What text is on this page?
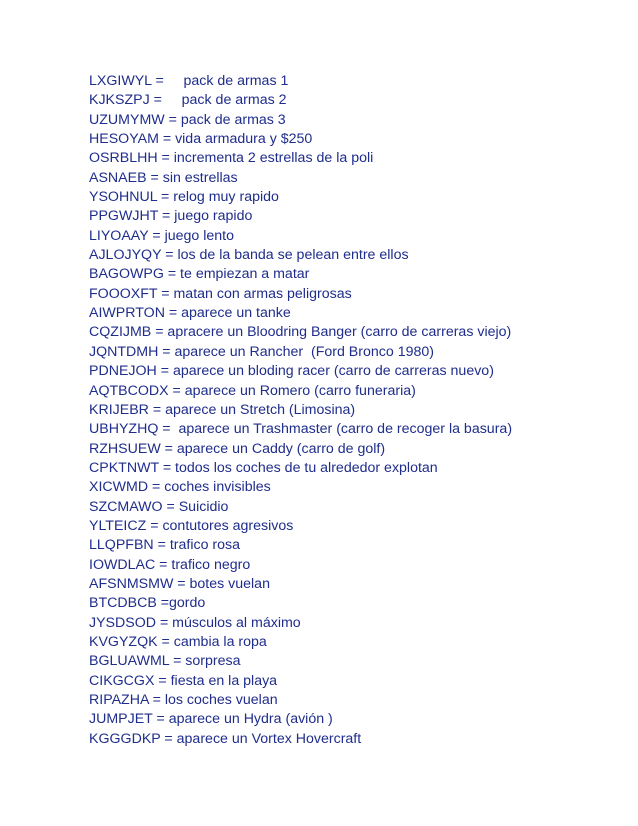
LXGIWYL =     pack de armas 1
KJKSZPJ =     pack de armas 2
UZUMYMW = pack de armas 3
HESOYAM = vida armadura y $250
OSRBLHH = incrementa 2 estrellas de la poli
ASNAEB = sin estrellas
YSOHNUL = relog muy rapido
PPGWJHT = juego rapido
LIYOAAY = juego lento
AJLOJYQY = los de la banda se pelean entre ellos
BAGOWPG = te empiezan a matar
FOOOXFT = matan con armas peligrosas
AIWPRTON = aparece un tanke
CQZIJMB = apracere un Bloodring Banger (carro de carreras viejo)
JQNTDMH = aparece un Rancher  (Ford Bronco 1980)
PDNEJOH = aparece un bloding racer (carro de carreras nuevo)
AQTBCODX = aparece un Romero (carro funeraria)
KRIJEBR = aparece un Stretch (Limosina)
UBHYZHQ =  aparece un Trashmaster (carro de recoger la basura)
RZHSUEW = aparece un Caddy (carro de golf)
CPKTNWT = todos los coches de tu alrededor explotan
XICWMD = coches invisibles
SZCMAWO = Suicidio
YLTEICZ = contutores agresivos
LLQPFBN = trafico rosa
IOWDLAC = trafico negro
AFSNMSMW = botes vuelan
BTCDBCB =gordo
JYSDSOD = músculos al máximo
KVGYZQK = cambia la ropa
BGLUAWML = sorpresa
CIKGCGX = fiesta en la playa
RIPAZHA = los coches vuelan
JUMPJET = aparece un Hydra (avión )
KGGGDKP = aparece un Vortex Hovercraft
